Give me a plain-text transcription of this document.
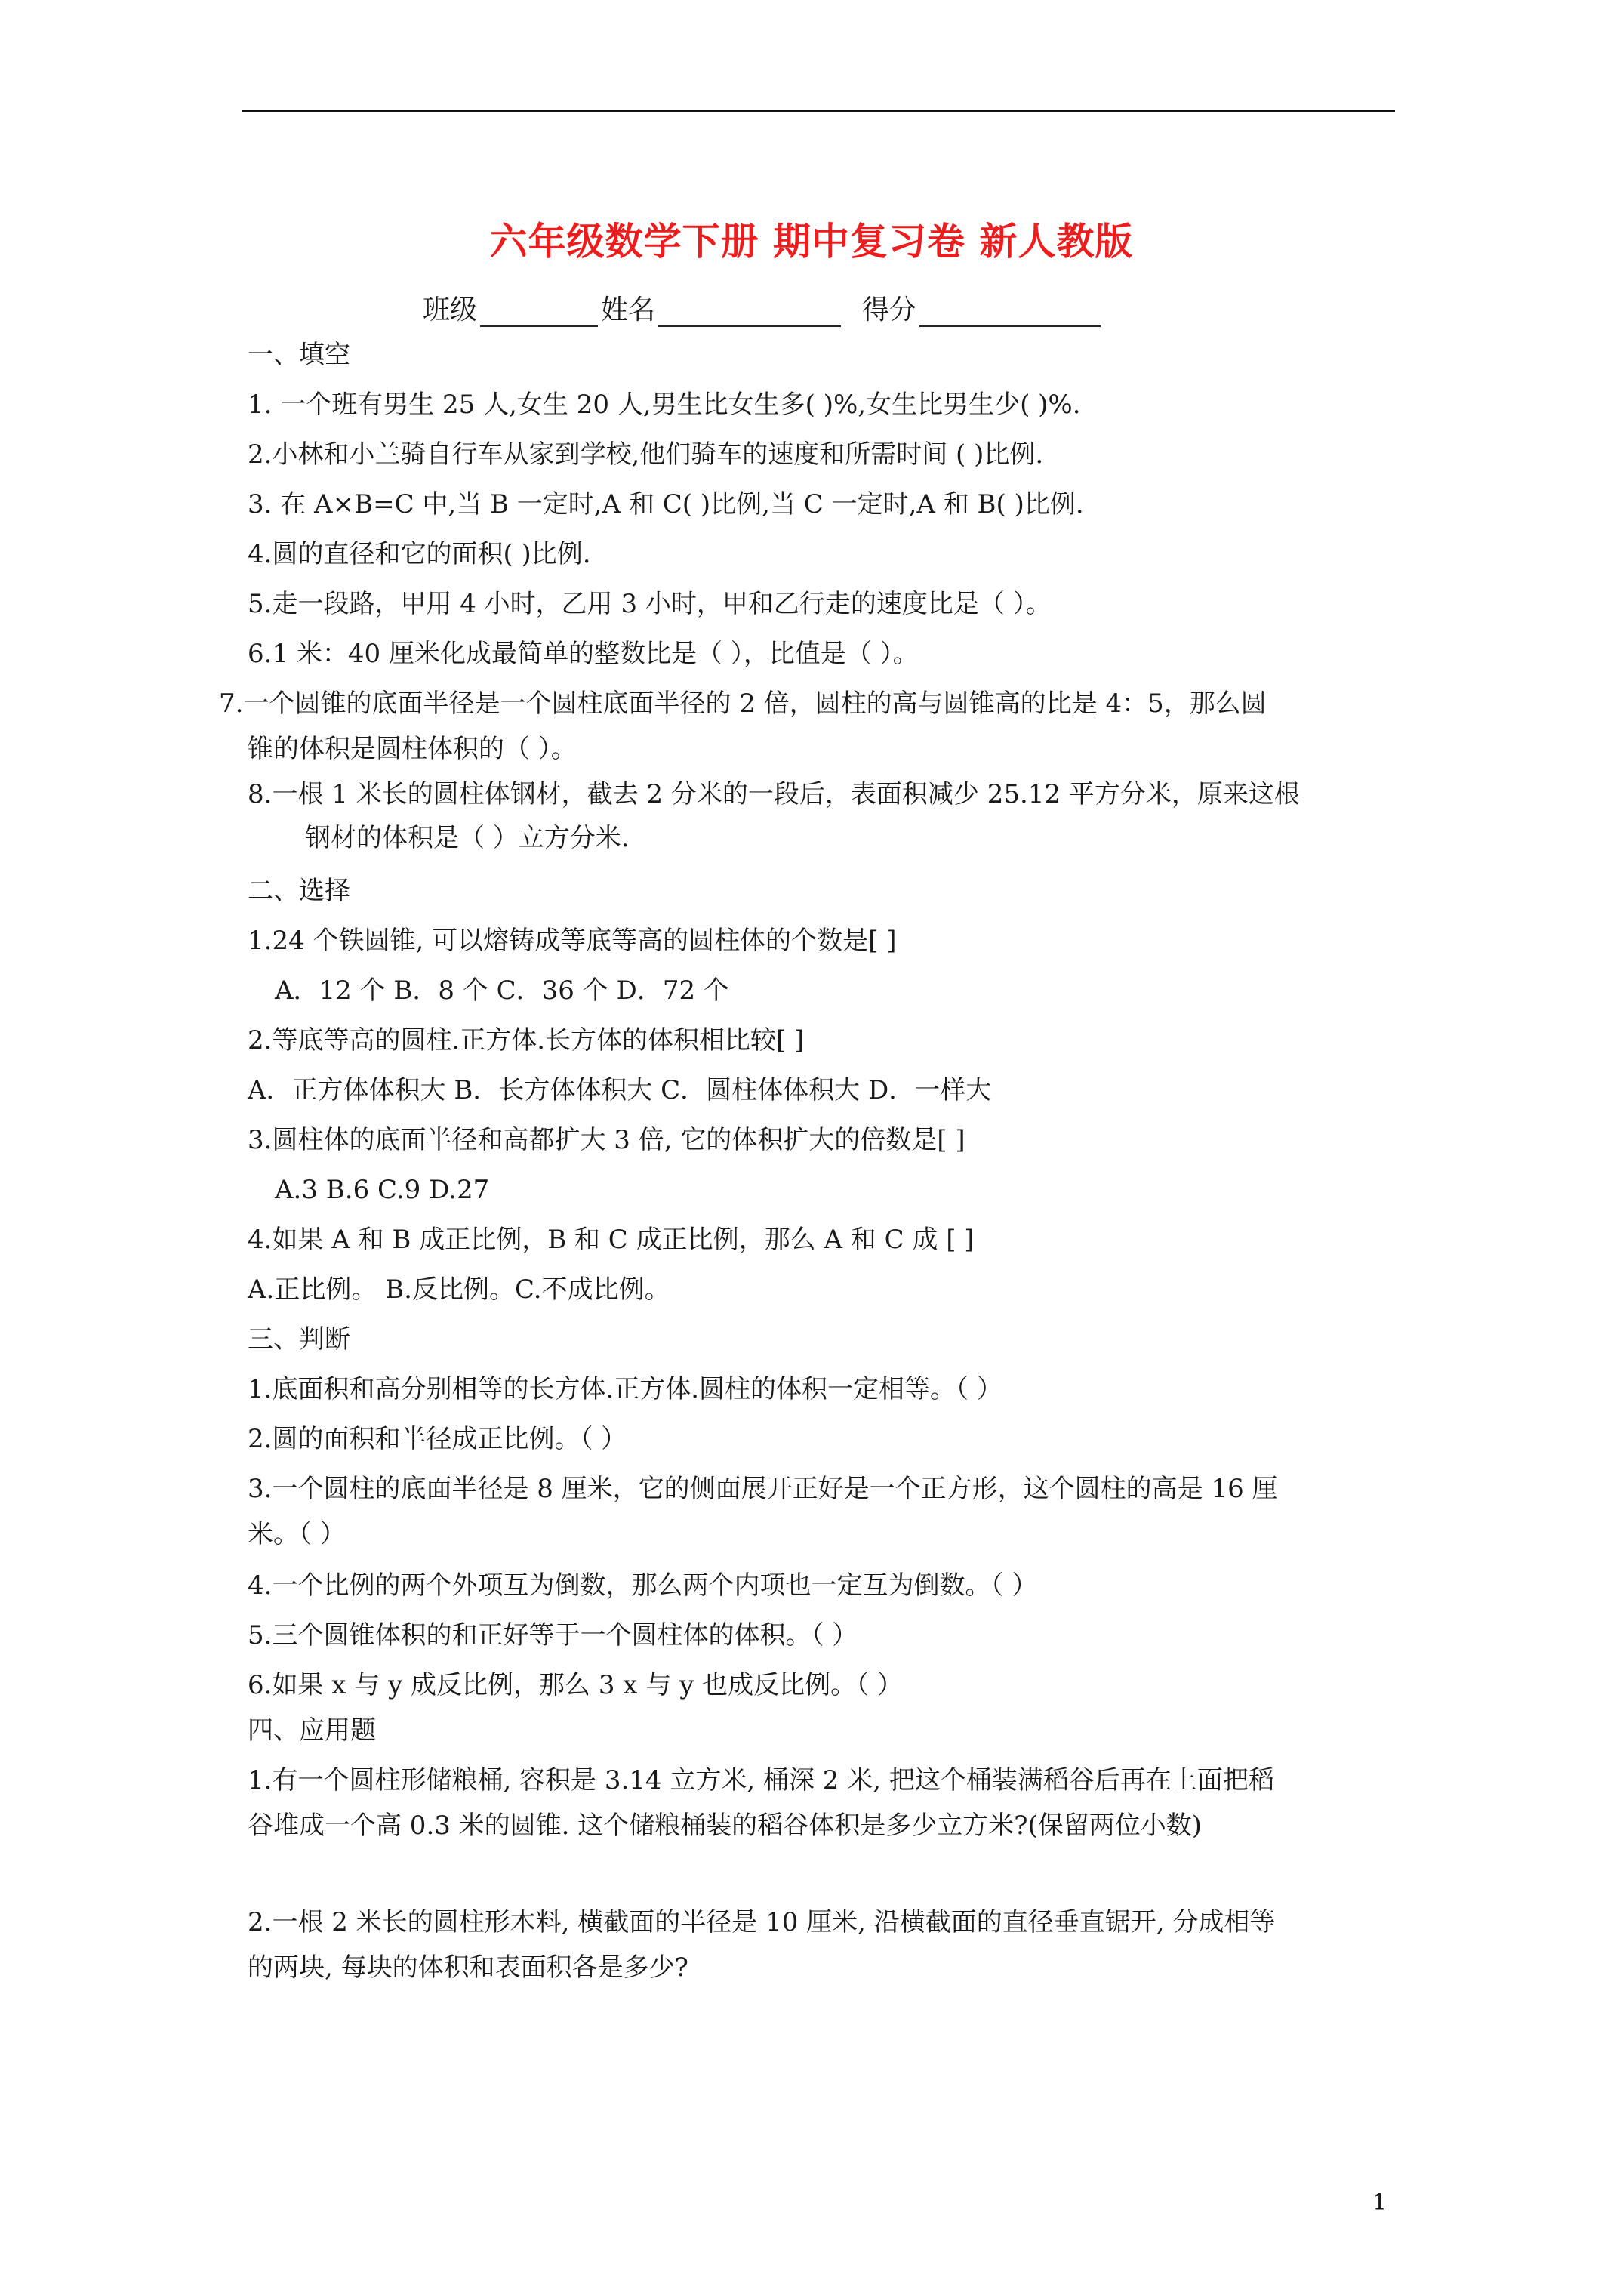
六年级数学下册 期中复习卷 新人教版
班级	姓名	得分
一、填空
1. 一个班有男生 25 人,女生 20 人,男生比女生多( )%,女生比男生少( )%.
2.小林和小兰骑自行车从家到学校,他们骑车的速度和所需时间 ( )比例.
3. 在 A×B=C 中,当 B 一定时,A 和 C( )比例,当 C 一定时,A 和 B( )比例.
4.圆的直径和它的面积( )比例.
5.走一段路，甲用 4 小时，乙用 3 小时，甲和乙行走的速度比是（ ）。
6.1 米：40 厘米化成最简单的整数比是（ ），比值是（ ）。
7.一个圆锥的底面半径是一个圆柱底面半径的 2 倍，圆柱的高与圆锥高的比是 4：5，那么圆
锥的体积是圆柱体积的（ ）。
8.一根 1 米长的圆柱体钢材，截去 2 分米的一段后，表面积减少 25.12 平方分米，原来这根
钢材的体积是（ ）立方分米.
二、选择
1.24 个铁圆锥, 可以熔铸成等底等高的圆柱体的个数是[ ]
A．12 个 B．8 个 C．36 个 D．72 个
2.等底等高的圆柱.正方体.长方体的体积相比较[ ]
A．正方体体积大 B．长方体体积大 C．圆柱体体积大 D．一样大
3.圆柱体的底面半径和高都扩大 3 倍, 它的体积扩大的倍数是[ ]
A.3 B.6 C.9 D.27
4.如果 A 和 B 成正比例，B 和 C 成正比例，那么 A 和 C 成 [ ]
A.正比例。 B.反比例。C.不成比例。
三、判断
1.底面积和高分别相等的长方体.正方体.圆柱的体积一定相等。（ ）
2.圆的面积和半径成正比例。（ ）
3.一个圆柱的底面半径是 8 厘米，它的侧面展开正好是一个正方形，这个圆柱的高是 16 厘
米。（ ）
4.一个比例的两个外项互为倒数，那么两个内项也一定互为倒数。（ ）
5.三个圆锥体积的和正好等于一个圆柱体的体积。（ ）
6.如果 x 与 y 成反比例，那么 3 x 与 y 也成反比例。（ ）
四、应用题
1.有一个圆柱形储粮桶, 容积是 3.14 立方米, 桶深 2 米, 把这个桶装满稻谷后再在上面把稻
谷堆成一个高 0.3 米的圆锥. 这个储粮桶装的稻谷体积是多少立方米?(保留两位小数)
2.一根 2 米长的圆柱形木料, 横截面的半径是 10 厘米, 沿横截面的直径垂直锯开, 分成相等
的两块, 每块的体积和表面积各是多少?
1
